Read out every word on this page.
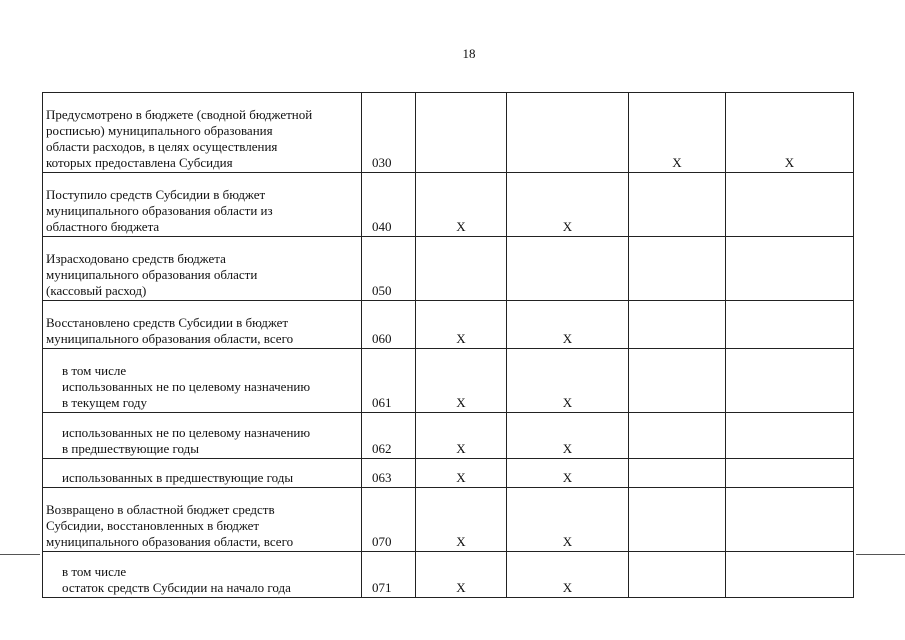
18
Предусмотрено в бюджете (сводной бюджетной
росписью) муниципального образования
области расходов, в целях осуществления
которых предоставлена Субсидия	030			X	X

Поступило средств Субсидии в бюджет
муниципального образования области из
областного бюджета	040	X	X		

Израсходовано средств бюджета
муниципального образования области
(кассовый расход)	050				

Восстановлено средств Субсидии в бюджет
муниципального образования области, всего	060	X	X		

в том числе
использованных не по целевому назначению
в текущем году	061	X	X		

использованных не по целевому назначению
в предшествующие годы	062	X	X		

использованных в предшествующие годы	063	X	X		

Возвращено в областной бюджет средств
Субсидии, восстановленных в бюджет
муниципального образования области, всего	070	X	X		

в том числе
остаток средств Субсидии на начало года	071	X	X		
